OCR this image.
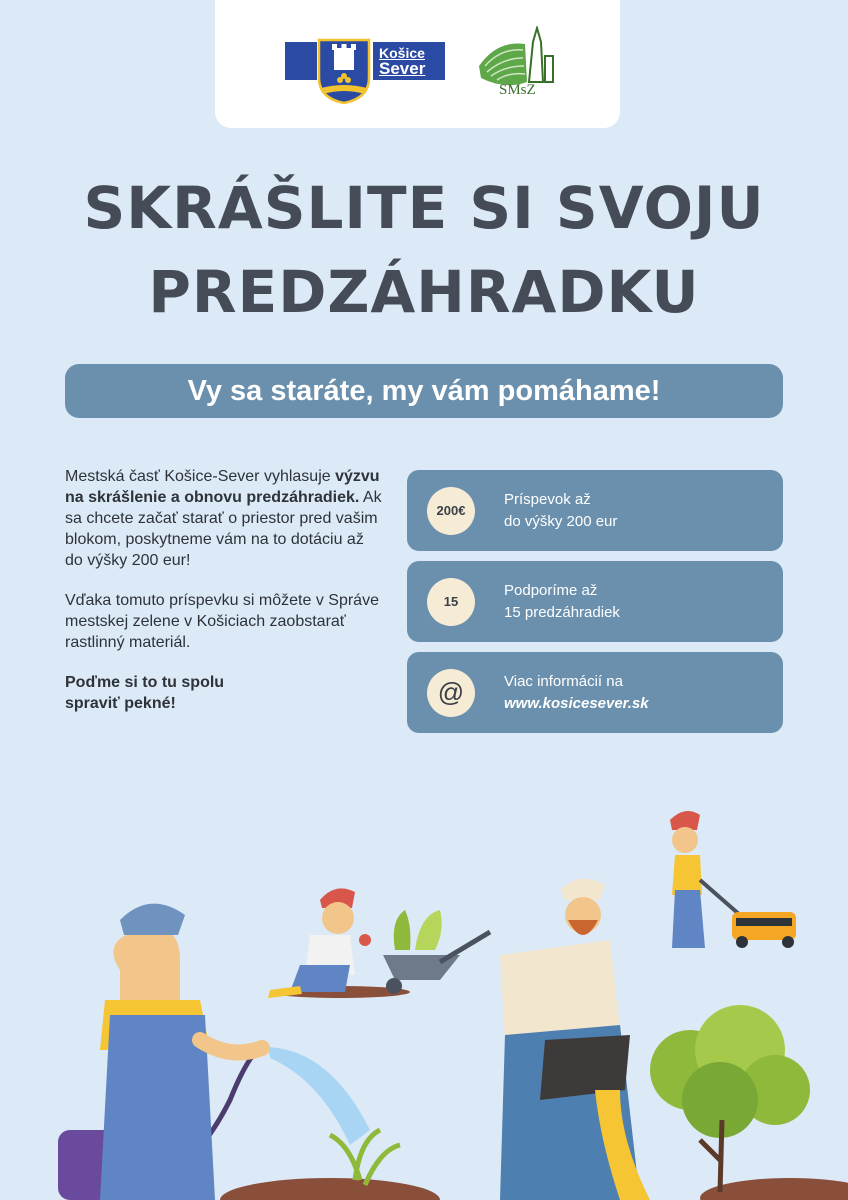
Košice
Sever
SMsZ
SKRÁŠLITE SI SVOJU
PREDZÁHRADKU
Vy sa staráte, my vám pomáhame!

Mestská časť Košice-Sever vyhlasuje výzvu na skrášlenie a obnovu predzáhradiek. Ak sa chcete začať starať o priestor pred vašim blokom, poskytneme vám na to dotáciu až do výšky 200 eur!

Vďaka tomuto príspevku si môžete v Správe mestskej zelene v Košiciach zaobstarať rastlinný materiál.

Poďme si to tu spolu
spraviť pekné!

200€
Príspevok až
do výšky 200 eur
15
Podporíme až
15 predzáhradiek
@	Viac informácií na
www.kosicesever.sk
